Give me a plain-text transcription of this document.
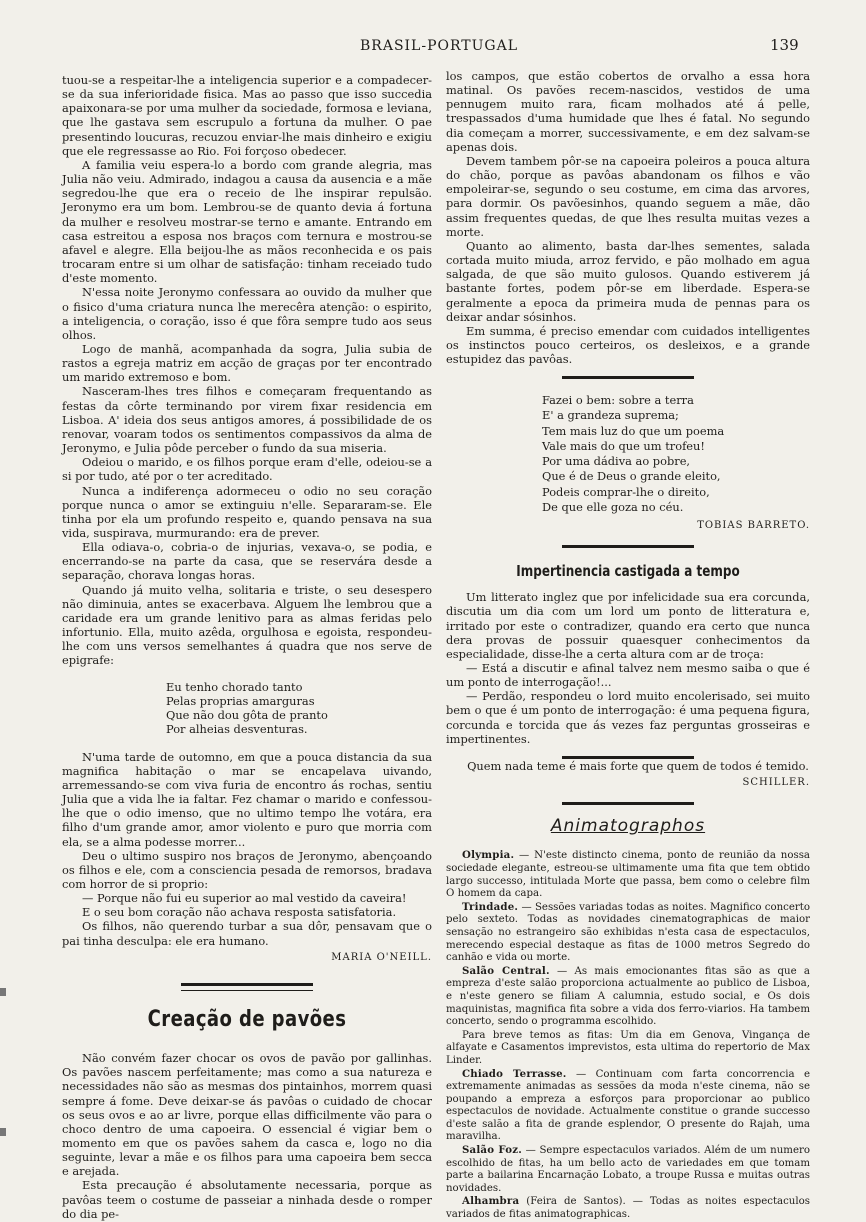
BRASIL-PORTUGAL	139

tuou-se a respeitar-lhe a inteligencia superior e a compadecer-se da sua inferioridade fisica. Mas ao passo que isso succedia apaixonara-se por uma mulher da sociedade, formosa e leviana, que lhe gastava sem escrupulo a fortuna da mulher. O pae presentindo loucuras, recuzou enviar-lhe mais dinheiro e exigiu que ele regressasse ao Rio. Foi forçoso obedecer.

A familia veiu espera-lo a bordo com grande alegria, mas Julia não veiu. Admirado, indagou a causa da ausencia e a mãe segredou-lhe que era o receio de lhe inspirar repulsão. Jeronymo era um bom. Lembrou-se de quanto devia á fortuna da mulher e resolveu mostrar-se terno e amante. Entrando em casa estreitou a esposa nos braços com ternura e mostrou-se afavel e alegre. Ella beijou-lhe as mãos reconhecida e os pais trocaram entre si um olhar de satisfação: tinham receiado tudo d'este momento.

N'essa noite Jeronymo confessara ao ouvido da mulher que o fisico d'uma criatura nunca lhe merecêra atenção: o espirito, a inteligencia, o coração, isso é que fôra sempre tudo aos seus olhos.

Logo de manhã, acompanhada da sogra, Julia subia de rastos a egreja matriz em acção de graças por ter encontrado um marido extremoso e bom.

Nasceram-lhes tres filhos e começaram frequentando as festas da côrte terminando por virem fixar residencia em Lisboa. A' ideia dos seus antigos amores, á possibilidade de os renovar, voaram todos os sentimentos compassivos da alma de Jeronymo, e Julia pôde perceber o fundo da sua miseria.

Odeiou o marido, e os filhos porque eram d'elle, odeiou-se a si por tudo, até por o ter acreditado.

Nunca a indiferença adormeceu o odio no seu coração porque nunca o amor se extinguiu n'elle. Separaram-se. Ele tinha por ela um profundo respeito e, quando pensava na sua vida, suspirava, murmurando: era de prever.

Ella odiava-o, cobria-o de injurias, vexava-o, se podia, e encerrando-se na parte da casa, que se reservára desde a separação, chorava longas horas.

Quando já muito velha, solitaria e triste, o seu desespero não diminuia, antes se exacerbava. Alguem lhe lembrou que a caridade era um grande lenitivo para as almas feridas pelo infortunio. Ella, muito azêda, orgulhosa e egoista, respondeu-lhe com uns versos semelhantes á quadra que nos serve de epigrafe:

Eu tenho chorado tanto
Pelas proprias amarguras
Que não dou gôta de pranto
Por alheias desventuras.

N'uma tarde de outomno, em que a pouca distancia da sua magnifica habitação o mar se encapelava uivando, arremessando-se com viva furia de encontro ás rochas, sentiu Julia que a vida lhe ia faltar. Fez chamar o marido e confessou-lhe que o odio imenso, que no ultimo tempo lhe votára, era filho d'um grande amor, amor violento e puro que morria com ela, se a alma podesse morrer...

Deu o ultimo suspiro nos braços de Jeronymo, abençoando os filhos e ele, com a consciencia pesada de remorsos, bradava com horror de si proprio:

— Porque não fui eu superior ao mal vestido da caveira!

E o seu bom coração não achava resposta satisfatoria.

Os filhos, não querendo turbar a sua dôr, pensavam que o pai tinha desculpa: ele era humano.

MARIA O'NEILL.
Creação de pavões

Não convém fazer chocar os ovos de pavão por gallinhas. Os pavões nascem perfeitamente; mas como a sua natureza e necessidades não são as mesmas dos pintainhos, morrem quasi sempre á fome. Deve deixar-se ás pavôas o cuidado de chocar os seus ovos e ao ar livre, porque ellas difficilmente vão para o choco dentro de uma capoeira. O essencial é vigiar bem o momento em que os pavões sahem da casca e, logo no dia seguinte, levar a mãe e os filhos para uma capoeira bem secca e arejada.

Esta precaução é absolutamente necessaria, porque as pavôas teem o costume de passeiar a ninhada desde o romper do dia pe-

los campos, que estão cobertos de orvalho a essa hora matinal. Os pavões recem-nascidos, vestidos de uma pennugem muito rara, ficam molhados até á pelle, trespassados d'uma humidade que lhes é fatal. No segundo dia começam a morrer, successivamente, e em dez salvam-se apenas dois.

Devem tambem pôr-se na capoeira poleiros a pouca altura do chão, porque as pavôas abandonam os filhos e vão empoleirar-se, segundo o seu costume, em cima das arvores, para dormir. Os pavõesinhos, quando seguem a mãe, dão assim frequentes quedas, de que lhes resulta muitas vezes a morte.

Quanto ao alimento, basta dar-lhes sementes, salada cortada muito miuda, arroz fervido, e pão molhado em agua salgada, de que são muito gulosos. Quando estiverem já bastante fortes, podem pôr-se em liberdade. Espera-se geralmente a epoca da primeira muda de pennas para os deixar andar sósinhos.

Em summa, é preciso emendar com cuidados intelligentes os instinctos pouco certeiros, os desleixos, e a grande estupidez das pavôas.

Fazei o bem: sobre a terra
E' a grandeza suprema;
Tem mais luz do que um poema
Vale mais do que um trofeu!
Por uma dádiva ao pobre,
Que é de Deus o grande eleito,
Podeis comprar-lhe o direito,
De que elle goza no céu.
TOBIAS BARRETO.
Impertinencia castigada a tempo

Um litterato inglez que por infelicidade sua era corcunda, discutia um dia com um lord um ponto de litteratura e, irritado por este o contradizer, quando era certo que nunca dera provas de possuir quaesquer conhecimentos da especialidade, disse-lhe a certa altura com ar de troça:

— Está a discutir e afinal talvez nem mesmo saiba o que é um ponto de interrogação!...

— Perdão, respondeu o lord muito encolerisado, sei muito bem o que é um ponto de interrogação: é uma pequena figura, corcunda e torcida que ás vezes faz perguntas grosseiras e impertinentes.

Quem nada teme é mais forte que quem de todos é temido.

SCHILLER.
Animatographos

Olympia. — N'este distincto cinema, ponto de reunião da nossa sociedade elegante, estreou-se ultimamente uma fita que tem obtido largo successo, intitulada Morte que passa, bem como o celebre film O homem da capa.

Trindade. — Sessões variadas todas as noites. Magnifico concerto pelo sexteto. Todas as novidades cinematographicas de maior sensação no estrangeiro são exhibidas n'esta casa de espectaculos, merecendo especial destaque as fitas de 1000 metros Segredo do canhão e vida ou morte.

Salão Central. — As mais emocionantes fitas são as que a empreza d'este salão proporciona actualmente ao publico de Lisboa, e n'este genero se filiam A calumnia, estudo social, e Os dois maquinistas, magnifica fita sobre a vida dos ferro-viarios. Ha tambem concerto, sendo o programma escolhido.

Para breve temos as fitas: Um dia em Genova, Vingança de alfayate e Casamentos imprevistos, esta ultima do repertorio de Max Linder.

Chiado Terrasse. — Continuam com farta concorrencia e extremamente animadas as sessões da moda n'este cinema, não se poupando a empreza a esforços para proporcionar ao publico espectaculos de novidade. Actualmente constitue o grande successo d'este salão a fita de grande esplendor, O presente do Rajah, uma maravilha.

Salão Foz. — Sempre espectaculos variados. Além de um numero escolhido de fitas, ha um bello acto de variedades em que tomam parte a bailarina Encarnação Lobato, a troupe Russa e muitas outras novidades.

Alhambra (Feira de Santos). — Todas as noites espectaculos variados de fitas animatographicas.
